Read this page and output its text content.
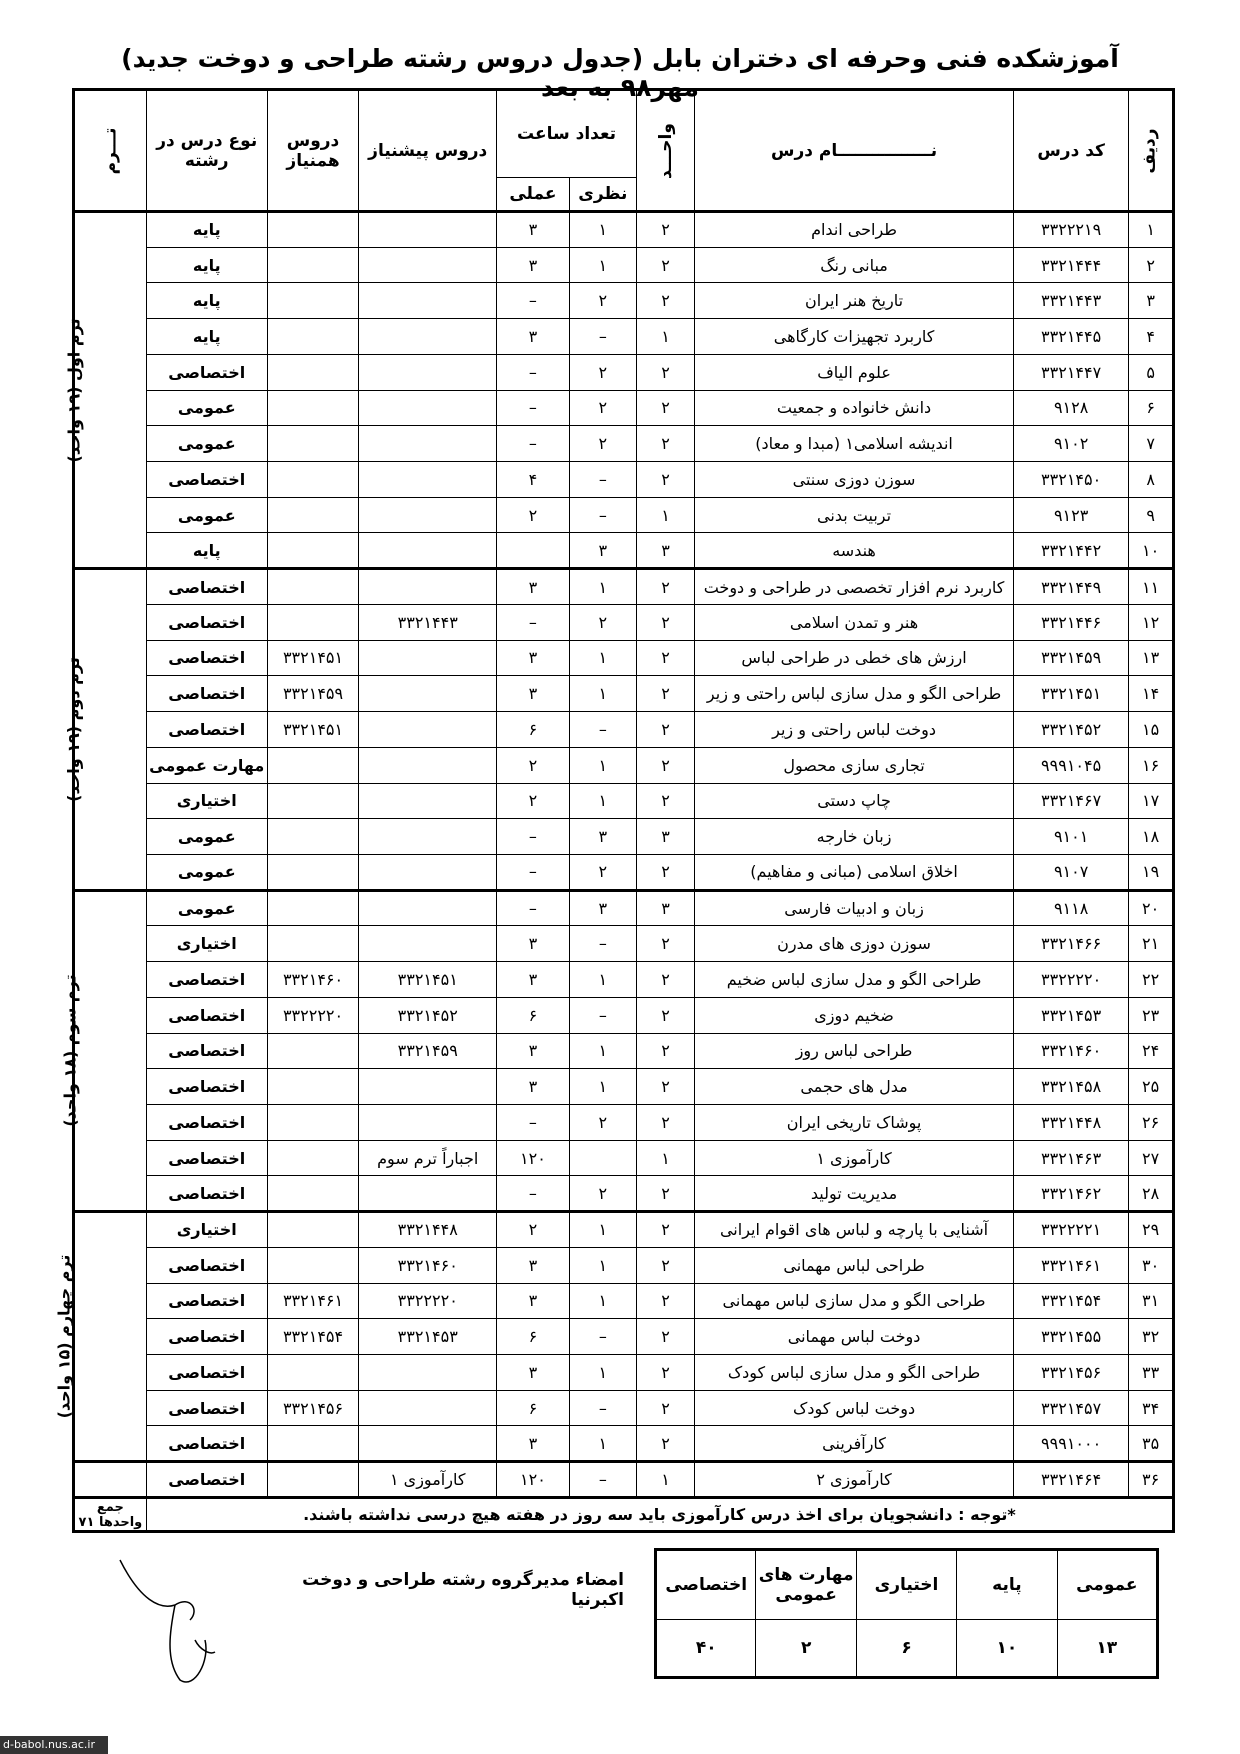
آموزشکده فنی وحرفه ای دختران بابل (جدول دروس رشته طراحی و دوخت جدید) مهر۹۸ به بعد
ردیف	کد درس	نــــــــــــــــام درس	واحـــد	تعداد ساعت		دروس پیشنیاز	دروس همنیاز	نوع درس در رشته	تـــرم
				نظری	عملی				
۱	۳۳۲۲۲۱۹	طراحی اندام	۲	۱	۳			پایه	ترم اول (۱۹ واحد)
۲	۳۳۲۱۴۴۴	مبانی رنگ	۲	۱	۳			پایه	
۳	۳۳۲۱۴۴۳	تاریخ هنر ایران	۲	۲	–			پایه	
۴	۳۳۲۱۴۴۵	کاربرد تجهیزات کارگاهی	۱	–	۳			پایه	
۵	۳۳۲۱۴۴۷	علوم الیاف	۲	۲	–			اختصاصی	
۶	۹۱۲۸	دانش خانواده و جمعیت	۲	۲	–			عمومی	
۷	۹۱۰۲	اندیشه اسلامی۱ (مبدا و معاد)	۲	۲	–			عمومی	
۸	۳۳۲۱۴۵۰	سوزن دوزی سنتی	۲	–	۴			اختصاصی	
۹	۹۱۲۳	تربیت بدنی	۱	–	۲			عمومی	
۱۰	۳۳۲۱۴۴۲	هندسه	۳	۳				پایه	
۱۱	۳۳۲۱۴۴۹	کاربرد نرم افزار تخصصی در طراحی و دوخت	۲	۱	۳			اختصاصی	ترم دوم (۱۹ واحد)
۱۲	۳۳۲۱۴۴۶	هنر و تمدن اسلامی	۲	۲	–	۳۳۲۱۴۴۳		اختصاصی	
۱۳	۳۳۲۱۴۵۹	ارزش های خطی در طراحی لباس	۲	۱	۳		۳۳۲۱۴۵۱	اختصاصی	
۱۴	۳۳۲۱۴۵۱	طراحی الگو و مدل سازی لباس راحتی و زیر	۲	۱	۳		۳۳۲۱۴۵۹	اختصاصی	
۱۵	۳۳۲۱۴۵۲	دوخت لباس راحتی و زیر	۲	–	۶		۳۳۲۱۴۵۱	اختصاصی	
۱۶	۹۹۹۱۰۴۵	تجاری سازی محصول	۲	۱	۲			مهارت عمومی	
۱۷	۳۳۲۱۴۶۷	چاپ دستی	۲	۱	۲			اختیاری	
۱۸	۹۱۰۱	زبان خارجه	۳	۳	–			عمومی	
۱۹	۹۱۰۷	اخلاق اسلامی (مبانی و مفاهیم)	۲	۲	–			عمومی	
۲۰	۹۱۱۸	زبان و ادبیات فارسی	۳	۳	–			عمومی	ترم سوم (۱۸ واحد)
۲۱	۳۳۲۱۴۶۶	سوزن دوزی های مدرن	۲	–	۳			اختیاری	
۲۲	۳۳۲۲۲۲۰	طراحی الگو و مدل سازی لباس ضخیم	۲	۱	۳	۳۳۲۱۴۵۱	۳۳۲۱۴۶۰	اختصاصی	
۲۳	۳۳۲۱۴۵۳	ضخیم دوزی	۲	–	۶	۳۳۲۱۴۵۲	۳۳۲۲۲۲۰	اختصاصی	
۲۴	۳۳۲۱۴۶۰	طراحی لباس روز	۲	۱	۳	۳۳۲۱۴۵۹		اختصاصی	
۲۵	۳۳۲۱۴۵۸	مدل های حجمی	۲	۱	۳			اختصاصی	
۲۶	۳۳۲۱۴۴۸	پوشاک تاریخی ایران	۲	۲	–			اختصاصی	
۲۷	۳۳۲۱۴۶۳	کارآموزی ۱	۱		۱۲۰	اجباراً ترم سوم		اختصاصی	
۲۸	۳۳۲۱۴۶۲	مدیریت تولید	۲	۲	–			اختصاصی	
۲۹	۳۳۲۲۲۲۱	آشنایی با پارچه و لباس های اقوام ایرانی	۲	۱	۲	۳۳۲۱۴۴۸		اختیاری	ترم چهارم (۱۵ واحد)
۳۰	۳۳۲۱۴۶۱	طراحی لباس مهمانی	۲	۱	۳	۳۳۲۱۴۶۰		اختصاصی	
۳۱	۳۳۲۱۴۵۴	طراحی الگو و مدل سازی لباس مهمانی	۲	۱	۳	۳۳۲۲۲۲۰	۳۳۲۱۴۶۱	اختصاصی	
۳۲	۳۳۲۱۴۵۵	دوخت لباس مهمانی	۲	–	۶	۳۳۲۱۴۵۳	۳۳۲۱۴۵۴	اختصاصی	
۳۳	۳۳۲۱۴۵۶	طراحی الگو و مدل سازی لباس کودک	۲	۱	۳			اختصاصی	
۳۴	۳۳۲۱۴۵۷	دوخت لباس کودک	۲	–	۶		۳۳۲۱۴۵۶	اختصاصی	
۳۵	۹۹۹۱۰۰۰	کارآفرینی	۲	۱	۳			اختصاصی	
۳۶	۳۳۲۱۴۶۴	کارآموزی ۲	۱	–	۱۲۰	کارآموزی ۱		اختصاصی	
*توجه : دانشجویان برای اخذ درس کارآموزی باید سه روز در هفته هیچ درسی نداشته باشند.									جمع واحدها ۷۱
عمومی	پایه	اختیاری	مهارت های عمومی	اختصاصی
۱۳	۱۰	۶	۲	۴۰
امضاء مدیرگروه رشته طراحی و دوخت اکبرنیا
d-babol.nus.ac.ir
